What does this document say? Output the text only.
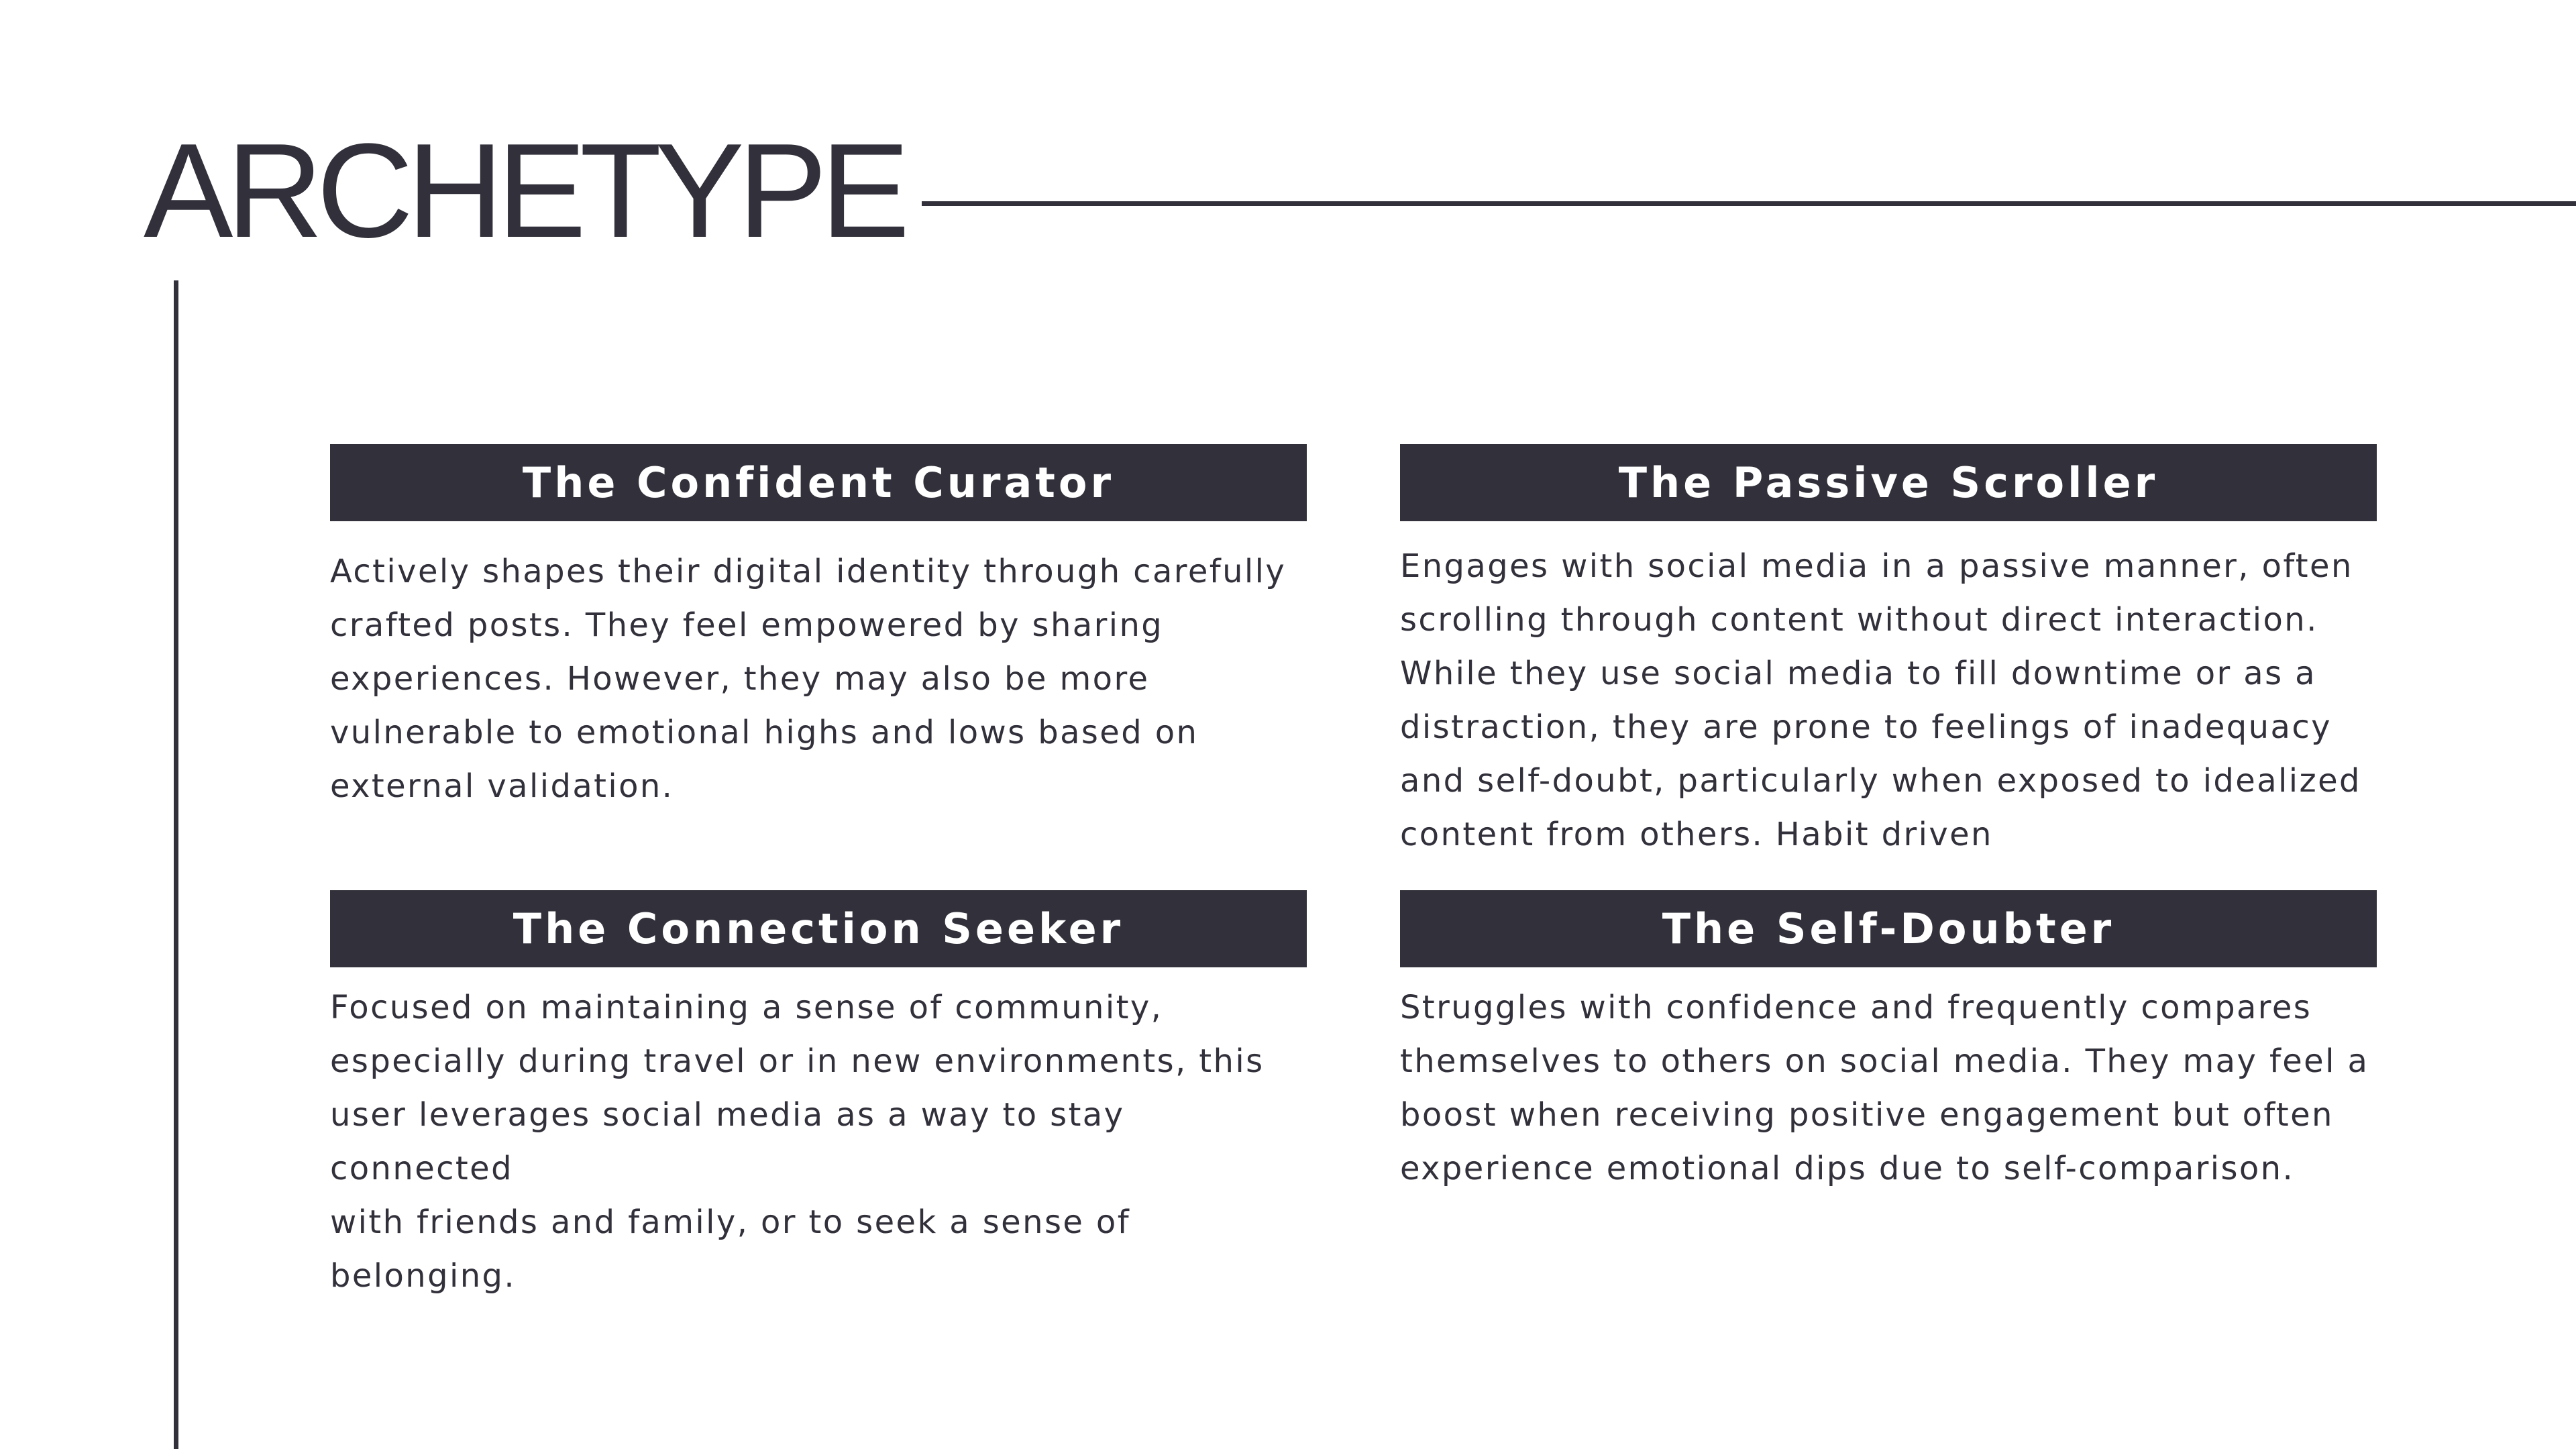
ARCHETYPE
The Confident Curator

Actively shapes their digital identity through carefully
crafted posts. They feel empowered by sharing
experiences. However, they may also be more
vulnerable to emotional highs and lows based on
external validation.

The Passive Scroller

Engages with social media in a passive manner, often
scrolling through content without direct interaction.
While they use social media to fill downtime or as a
distraction, they are prone to feelings of inadequacy
and self-doubt, particularly when exposed to idealized
content from others. Habit driven

The Connection Seeker

Focused on maintaining a sense of community,
especially during travel or in new environments, this
user leverages social media as a way to stay connected
with friends and family, or to seek a sense of belonging.

The Self-Doubter

Struggles with confidence and frequently compares
themselves to others on social media. They may feel a
boost when receiving positive engagement but often
experience emotional dips due to self-comparison.
